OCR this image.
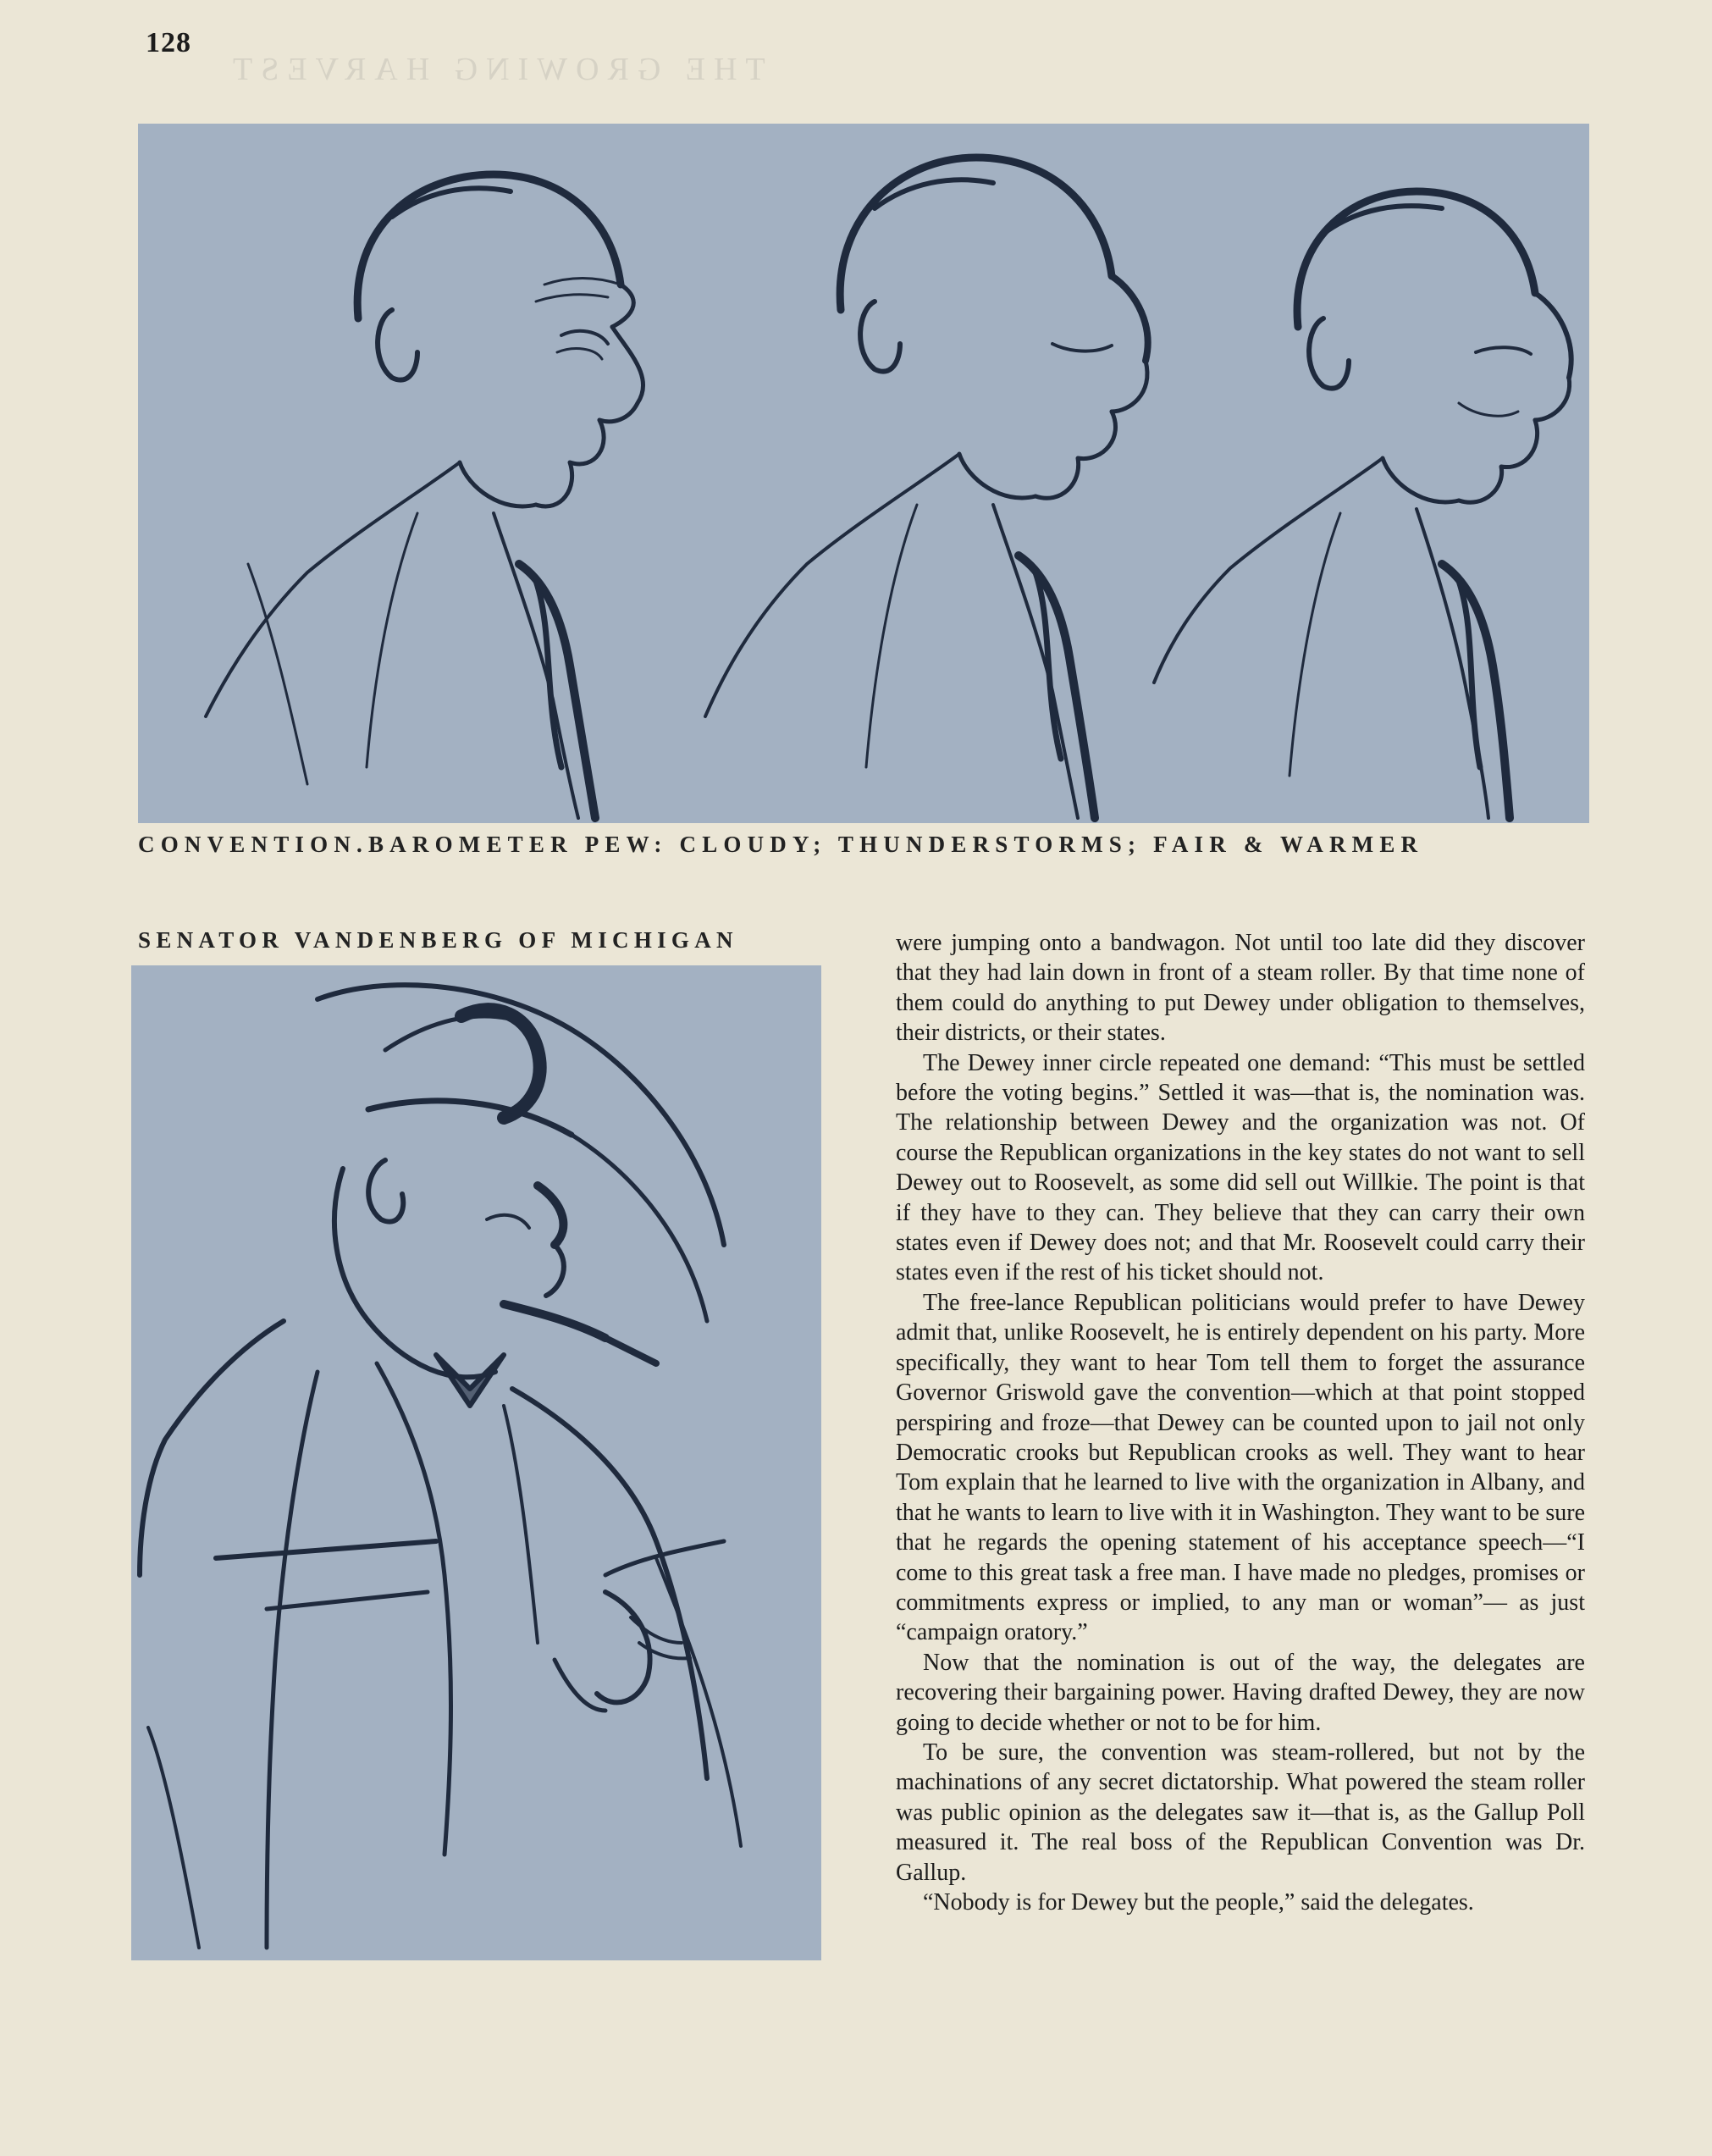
128
THE GROWING HARVEST
CONVENTION.BAROMETER PEW: CLOUDY; THUNDERSTORMS; FAIR & WARMER
SENATOR VANDENBERG OF MICHIGAN	were jumping onto a bandwagon. Not until too late did they discover that they had lain down in front of a steam roller. By that time none of them could do anything to put Dewey under obligation to themselves, their districts, or their states.

The Dewey inner circle repeated one demand: “This must be settled before the voting begins.” Settled it was—that is, the nomination was. The relationship between Dewey and the organization was not. Of course the Republican organizations in the key states do not want to sell Dewey out to Roosevelt, as some did sell out Willkie. The point is that if they have to they can. They believe that they can carry their own states even if Dewey does not; and that Mr. Roosevelt could carry their states even if the rest of his ticket should not.

The free-lance Republican politicians would prefer to have Dewey admit that, unlike Roosevelt, he is entirely dependent on his party. More specifically, they want to hear Tom tell them to forget the assurance Governor Griswold gave the convention—which at that point stopped perspiring and froze—that Dewey can be counted upon to jail not only Democratic crooks but Republican crooks as well. They want to hear Tom explain that he learned to live with the organization in Albany, and that he wants to learn to live with it in Washington. They want to be sure that he regards the opening statement of his acceptance speech—“I come to this great task a free man. I have made no pledges, promises or commitments express or implied, to any man or woman”— as just “campaign oratory.”

Now that the nomination is out of the way, the delegates are recovering their bargaining power. Having drafted Dewey, they are now going to decide whether or not to be for him.

To be sure, the convention was steam-rollered, but not by the machinations of any secret dictatorship. What powered the steam roller was public opinion as the delegates saw it—that is, as the Gallup Poll measured it. The real boss of the Republican Convention was Dr. Gallup.

“Nobody is for Dewey but the people,” said the delegates.
